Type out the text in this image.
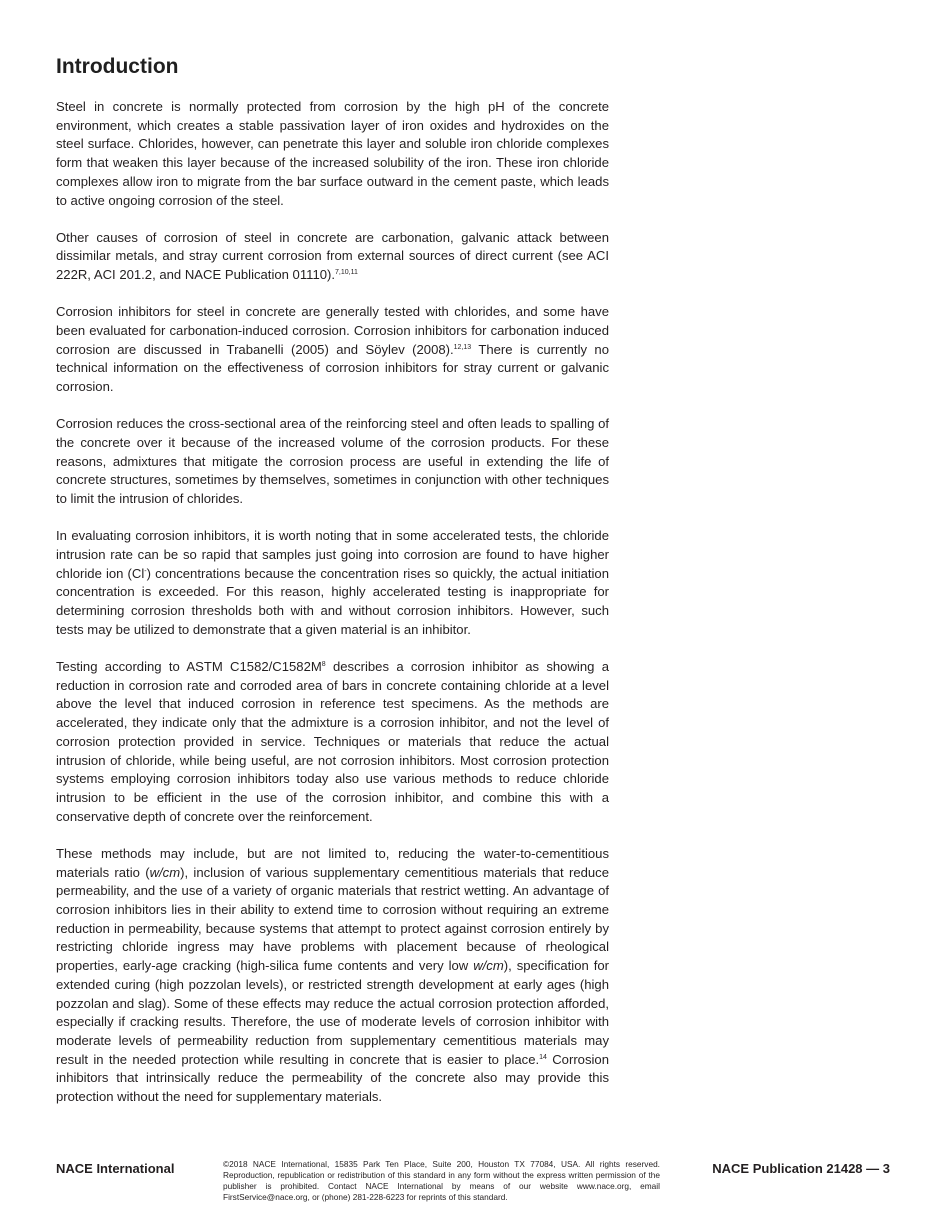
Introduction

Steel in concrete is normally protected from corrosion by the high pH of the concrete environment, which creates a stable passivation layer of iron oxides and hydroxides on the steel surface. Chlorides, however, can penetrate this layer and soluble iron chloride complexes form that weaken this layer because of the increased solubility of the iron. These iron chloride complexes allow iron to migrate from the bar surface outward in the cement paste, which leads to active ongoing corrosion of the steel.

Other causes of corrosion of steel in concrete are carbonation, galvanic attack between dissimilar metals, and stray current corrosion from external sources of direct current (see ACI 222R, ACI 201.2, and NACE Publication 01110).$^{7,10,11}$

Corrosion inhibitors for steel in concrete are generally tested with chlorides, and some have been evaluated for carbonation-induced corrosion. Corrosion inhibitors for carbonation induced corrosion are discussed in Trabanelli (2005) and Söylev (2008).$^{12,13}$ There is currently no technical information on the effectiveness of corrosion inhibitors for stray current or galvanic corrosion.

Corrosion reduces the cross-sectional area of the reinforcing steel and often leads to spalling of the concrete over it because of the increased volume of the corrosion products. For these reasons, admixtures that mitigate the corrosion process are useful in extending the life of concrete structures, sometimes by themselves, sometimes in conjunction with other techniques to limit the intrusion of chlorides.

In evaluating corrosion inhibitors, it is worth noting that in some accelerated tests, the chloride intrusion rate can be so rapid that samples just going into corrosion are found to have higher chloride ion (Cl-) concentrations because the concentration rises so quickly, the actual initiation concentration is exceeded. For this reason, highly accelerated testing is inappropriate for determining corrosion thresholds both with and without corrosion inhibitors. However, such tests may be utilized to demonstrate that a given material is an inhibitor.

Testing according to ASTM $C1582/C1582M^8$ describes a corrosion inhibitor as showing a reduction in corrosion rate and corroded area of bars in concrete containing chloride at a level above the level that induced corrosion in reference test specimens. As the methods are accelerated, they indicate only that the admixture is a corrosion inhibitor, and not the level of corrosion protection provided in service. Techniques or materials that reduce the actual intrusion of chloride, while being useful, are not corrosion inhibitors. Most corrosion protection systems employing corrosion inhibitors today also use various methods to reduce chloride intrusion to be efficient in the use of the corrosion inhibitor, and combine this with a conservative depth of concrete over the reinforcement.

These methods may include, but are not limited to, reducing the water-to-cementitious materials ratio (w/cm), inclusion of various supplementary cementitious materials that reduce permeability, and the use of a variety of organic materials that restrict wetting. An advantage of corrosion inhibitors lies in their ability to extend time to corrosion without requiring an extreme reduction in permeability, because systems that attempt to protect against corrosion entirely by restricting chloride ingress may have problems with placement because of rheological properties, early-age cracking (high-silica fume contents and very low w/cm), specification for extended curing (high pozzolan levels), or restricted strength development at early ages (high pozzolan and slag). Some of these effects may reduce the actual corrosion protection afforded, especially if cracking results. Therefore, the use of moderate levels of corrosion inhibitor with moderate levels of permeability reduction from supplementary cementitious materials may result in the needed protection while resulting in concrete that is easier to place.$^{14}$ Corrosion inhibitors that intrinsically reduce the permeability of the concrete also may provide this protection without the need for supplementary materials.

NACE International	©2018 NACE International, 15835 Park Ten Place, Suite 200, Houston TX 77084, USA. All rights reserved. Reproduction, republication or redistribution of this standard in any form without the express written permission of the publisher is prohibited. Contact NACE International by means of our website www.nace.org, email FirstService@nace.org, or (phone) 281-228-6223 for reprints of this standard.
NACE Publication 21428 — 3
